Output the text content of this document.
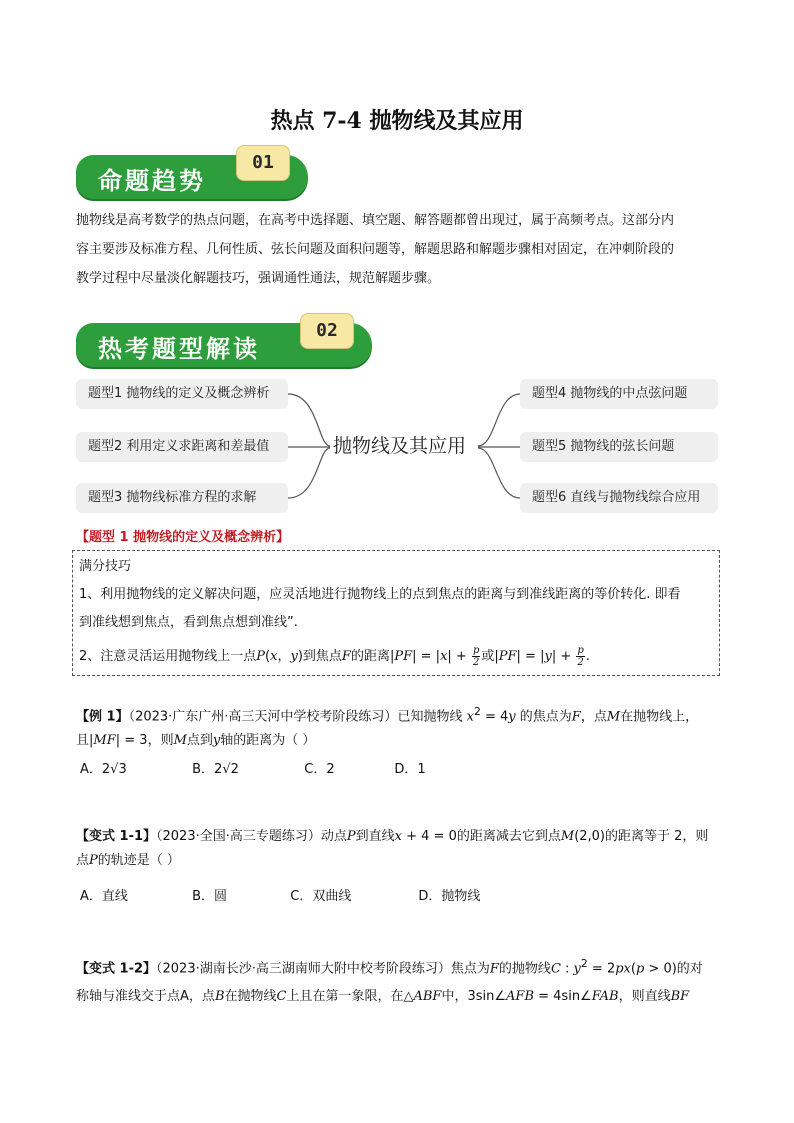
热点 7-4 抛物线及其应用
命题趋势
01
抛物线是高考数学的热点问题，在高考中选择题、填空题、解答题都曾出现过，属于高频考点。这部分内
容主要涉及标准方程、几何性质、弦长问题及面积问题等，解题思路和解题步骤相对固定，在冲刺阶段的
教学过程中尽量淡化解题技巧，强调通性通法，规范解题步骤。
热考题型解读
02
题型1 抛物线的定义及概念辨析
题型2 利用定义求距离和差最值
题型3 抛物线标准方程的求解
抛物线及其应用
题型4 抛物线的中点弦问题
题型5 抛物线的弦长问题
题型6 直线与抛物线综合应用
【题型 1 抛物线的定义及概念辨析】
满分技巧
1、利用抛物线的定义解决问题，应灵活地进行抛物线上的点到焦点的距离与到准线距离的等价转化. 即看
到准线想到焦点，看到焦点想到准线”.
2、注意灵活运用抛物线上一点P(x，y)到焦点F的距离$|PF| = |x| + \frac{p}{2}$ 或$|PF| = |y| + \frac{p}{2}$ .
【例 1】（2023·广东广州·高三天河中学校考阶段练习）已知抛物线 $x^2 = 4y$ 的焦点为F，点M在抛物线上，
且|MF| = 3，则M点到y轴的距离为（ ）
A．2√3	B．2√2	C．2	D．1
【变式 1-1】（2023·全国·高三专题练习）动点P到直线x + 4 = 0的距离减去它到点M(2,0)的距离等于 2，则
点P的轨迹是（ ）
A．直线	B．圆	C．双曲线	D．抛物线
【变式 1-2】（2023·湖南长沙·高三湖南师大附中校考阶段练习）焦点为F的抛物线C : $y^2 = 2px(p > 0)$的对
称轴与准线交于点A，点B在抛物线C上且在第一象限，在△ABF中，3sin∠AFB = 4sin∠FAB，则直线BF
